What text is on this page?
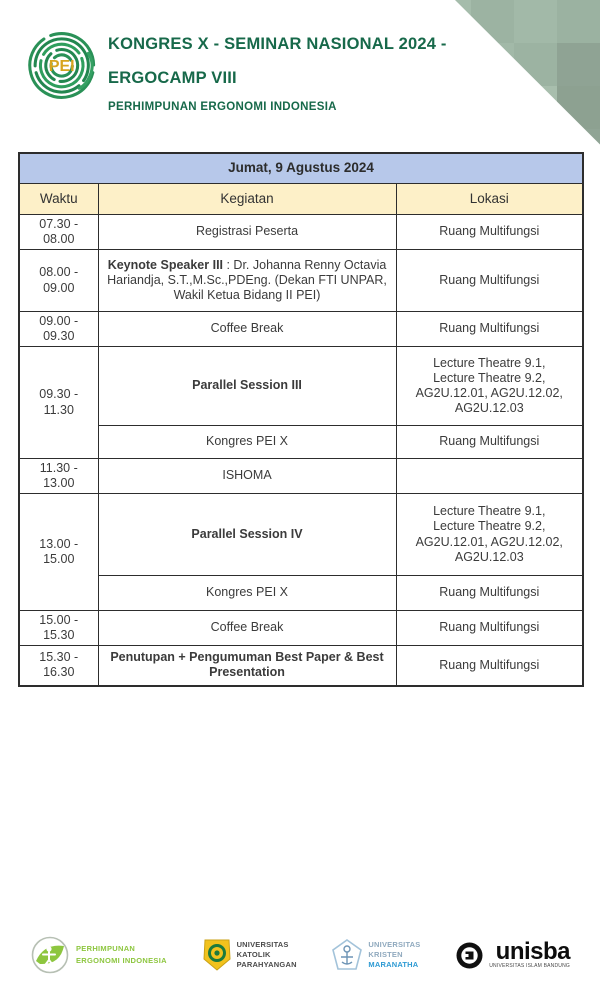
PEI
KONGRES X - SEMINAR NASIONAL 2024 -
ERGOCAMP VIII
PERHIMPUNAN ERGONOMI INDONESIA
Jumat, 9 Agustus 2024		
Waktu	Kegiatan	Lokasi
07.30 - 08.00	Registrasi Peserta	Ruang Multifungsi
08.00 - 09.00	Keynote Speaker III : Dr. Johanna Renny Octavia Hariandja, S.T.,M.Sc.,PDEng. (Dekan FTI UNPAR, Wakil Ketua Bidang II PEI)	Ruang Multifungsi
09.00 - 09.30	Coffee Break	Ruang Multifungsi
09.30 - 11.30	Parallel Session III	Lecture Theatre 9.1,
Lecture Theatre 9.2,
AG2U.12.01, AG2U.12.02,
AG2U.12.03
	Kongres PEI X	Ruang Multifungsi
11.30 - 13.00	ISHOMA	
13.00 - 15.00	Parallel Session IV	Lecture Theatre 9.1,
Lecture Theatre 9.2,
AG2U.12.01, AG2U.12.02,
AG2U.12.03
	Kongres PEI X	Ruang Multifungsi
15.00 - 15.30	Coffee Break	Ruang Multifungsi
15.30 - 16.30	Penutupan + Pengumuman Best Paper & Best Presentation	Ruang Multifungsi
PERHIMPUNAN
ERGONOMI INDONESIA
UNIVERSITAS
KATOLIK
PARAHYANGAN
UNIVERSITAS
KRISTEN
MARANATHA	unisba
UNIVERSITAS ISLAM BANDUNG
